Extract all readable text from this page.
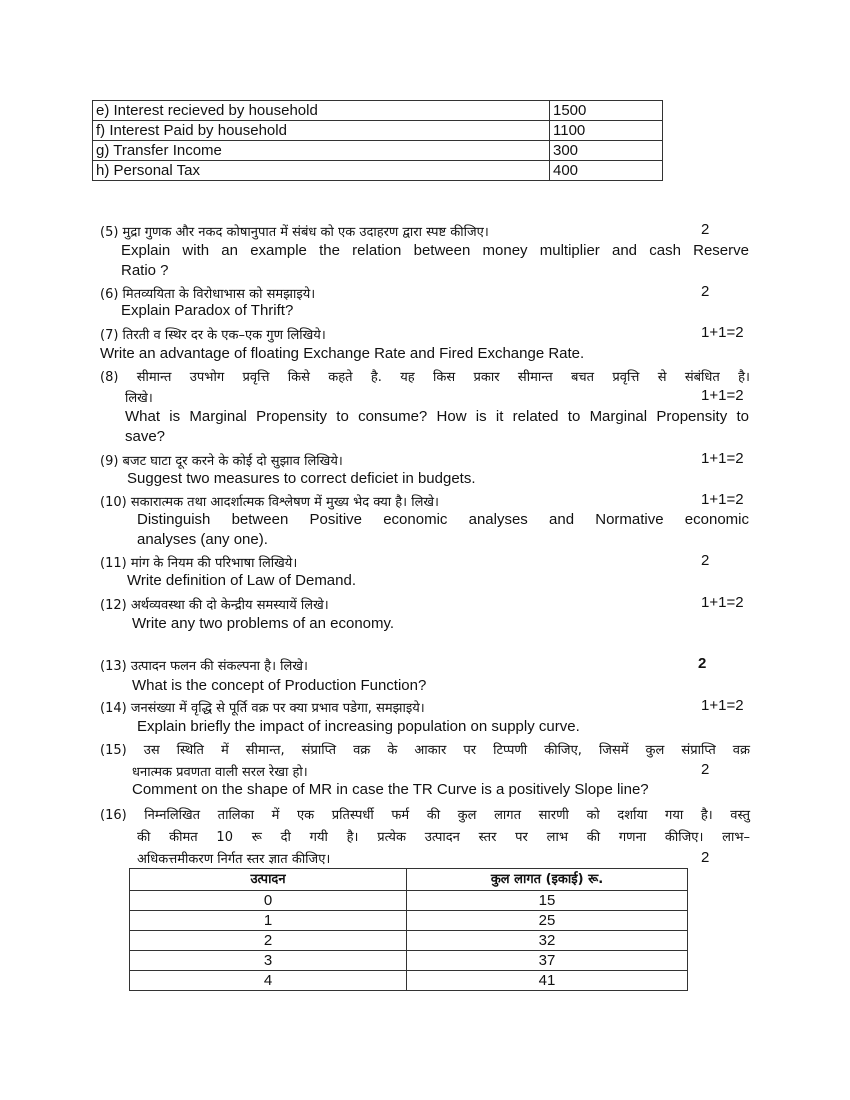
e) Interest recieved by household	1500
f) Interest Paid by household	1100
g) Transfer Income	300
h) Personal Tax	400
(5) मुद्रा गुणक और नकद कोषानुपात में संबंध को एक उदाहरण द्वारा स्पष्ट कीजिए।	2
Explain with an example the relation between money multiplier and cash Reserve
Ratio ?
(6) मितव्ययिता के विरोधाभास को समझाइये।	2
Explain Paradox of Thrift?
(7) तिरती व स्थिर दर के एक–एक गुण लिखिये।	1+1=2
Write an advantage of floating Exchange Rate and Fired Exchange Rate.
(8) सीमान्त उपभोग प्रवृत्ति किसे कहते है. यह किस प्रकार सीमान्त बचत प्रवृत्ति से संबंधित है।
लिखे।	1+1=2
What is Marginal Propensity to consume? How is it related to Marginal Propensity to
save?
(9) बजट घाटा दूर करने के कोई दो सुझाव लिखिये।	1+1=2
Suggest two measures to correct deficiet in budgets.
(10) सकारात्मक तथा आदर्शात्मक विश्लेषण में मुख्य भेद क्या है। लिखे।	1+1=2
Distinguish between Positive economic analyses and Normative economic
analyses (any one).
(11) मांग के नियम की परिभाषा लिखिये।	2
Write definition of Law of Demand.
(12) अर्थव्यवस्था की दो केन्द्रीय समस्यायें लिखे।	1+1=2
Write any two problems of an economy.
(13) उत्पादन फलन की संकल्पना है। लिखे।	2
What is the concept of Production Function?
(14) जनसंख्या में वृद्धि से पूर्ति वक्र पर क्या प्रभाव पडेगा, समझाइये।	1+1=2
Explain briefly the impact of increasing population on supply curve.
(15) उस स्थिति में सीमान्त, संप्राप्ति वक्र के आकार पर टिप्पणी कीजिए, जिसमें कुल संप्राप्ति वक्र
धनात्मक प्रवणता वाली सरल रेखा हो।	2
Comment on the shape of MR in case the TR Curve is a positively Slope line?
(16) निम्नलिखित तालिका में एक प्रतिस्पर्धी फर्म की कुल लागत सारणी को दर्शाया गया है। वस्तु
की कीमत 10 रू दी गयी है। प्रत्येक उत्पादन स्तर पर लाभ की गणना कीजिए। लाभ–
अधिकत्तमीकरण निर्गत स्तर ज्ञात कीजिए।	2
उत्पादन	कुल लागत (इकाई) रू.
0	15
1	25
2	32
3	37
4	41
